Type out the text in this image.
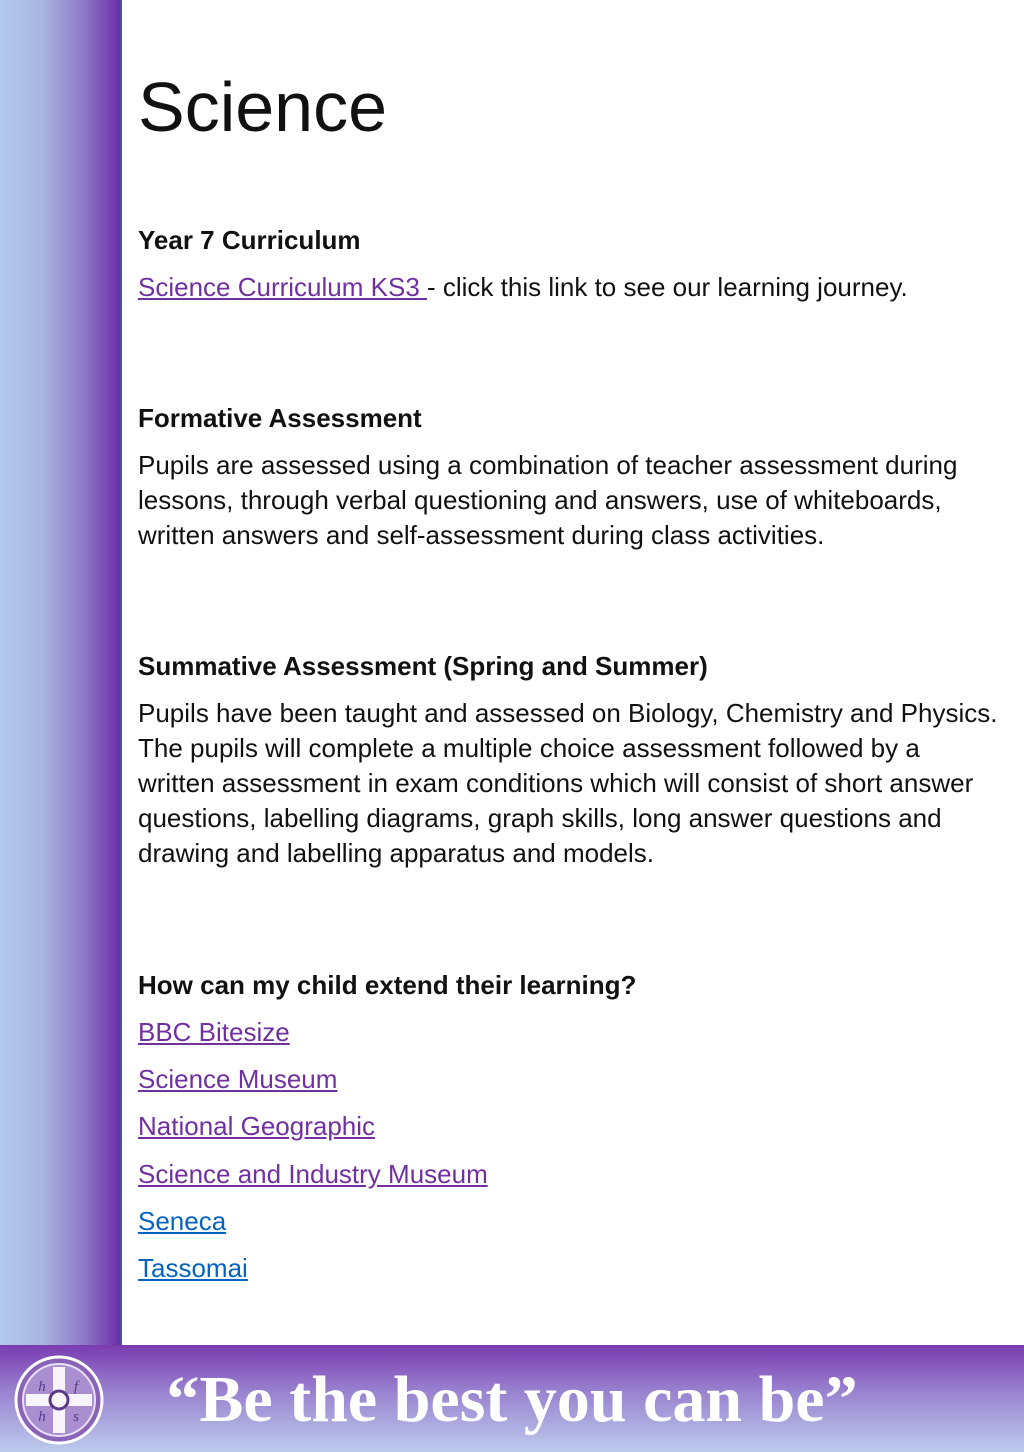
Science
Year 7 Curriculum

Science Curriculum KS3 - click this link to see our learning journey.

Formative Assessment

Pupils are assessed using a combination of teacher assessment during lessons, through verbal questioning and answers, use of whiteboards, written answers and self-assessment during class activities.

Summative Assessment (Spring and Summer)

Pupils have been taught and assessed on Biology, Chemistry and Physics. The pupils will complete a multiple choice assessment followed by a written assessment in exam conditions which will consist of short answer questions, labelling diagrams, graph skills, long answer questions and drawing and labelling apparatus and models.

How can my child extend their learning?
BBC Bitesize
Science Museum
National Geographic
Science and Industry Museum
Seneca
Tassomai
h f
h s	“Be the best you can be”
